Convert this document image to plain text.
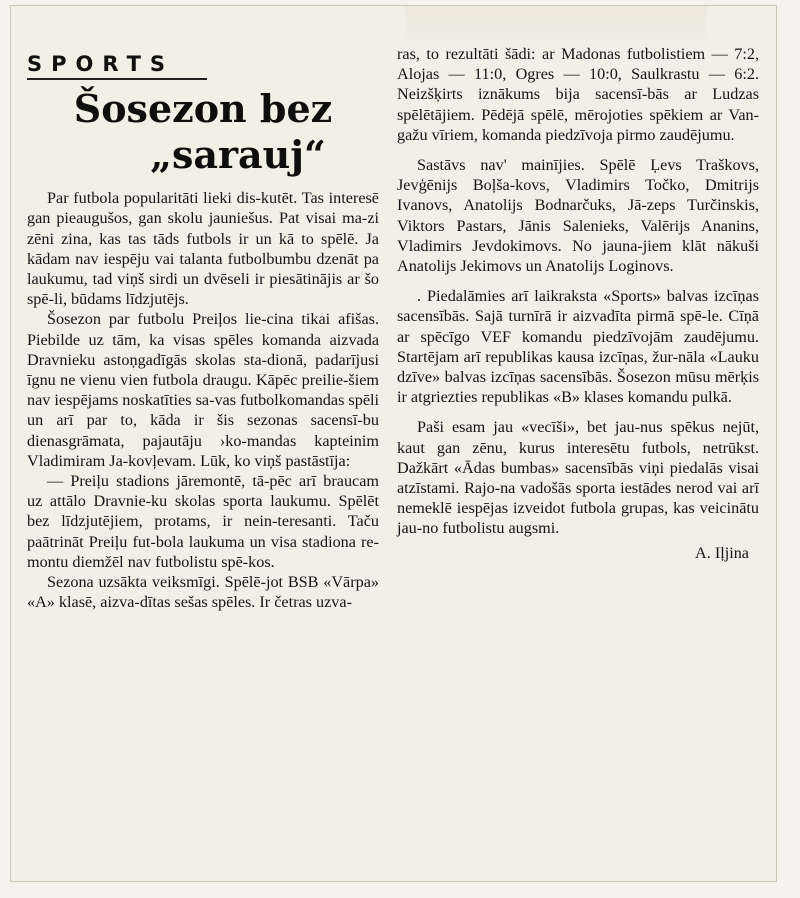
SPORTS
Šosezon bez
„sarauj“

Par futbola popularitāti lieki dis-kutēt. Tas interesē gan pieaugušos, gan skolu jauniešus. Pat visai ma-zi zēni zina, kas tas tāds futbols ir un kā to spēlē. Ja kādam nav iespēju vai talanta futbolbumbu dzenāt pa laukumu, tad viņš sirdi un dvēseli ir piesātinājis ar šo spē-li, būdams līdzjutējs.

Šosezon par futbolu Preiļos lie-cina tikai afišas. Piebilde uz tām, ka visas spēles komanda aizvada Dravnieku astoņgadīgās skolas sta-dionā, padarījusi īgnu ne vienu vien futbola draugu. Kāpēc preilie-šiem nav iespējams noskatīties sa-vas futbolkomandas spēli un arī par to, kāda ir šis sezonas sacensī-bu dienasgrāmata, pajautāju ›ko-mandas kapteinim Vladimiram Ja-kovļevam. Lūk, ko viņš pastāstīja:

— Preiļu stadions jāremontē, tā-pēc arī braucam uz attālo Dravnie-ku skolas sporta laukumu. Spēlēt bez līdzjutējiem, protams, ir nein-teresanti. Taču paātrināt Preiļu fut-bola laukuma un visa stadiona re-montu diemžēl nav futbolistu spē-kos.

Sezona uzsākta veiksmīgi. Spēlē-jot BSB «Vārpa» «A» klasē, aizva-dītas sešas spēles. Ir četras uzva-

ras, to rezultāti šādi: ar Madonas futbolistiem — 7:2, Alojas — 11:0, Ogres — 10:0, Saulkrastu — 6:2. Neizšķirts iznākums bija sacensī-bās ar Ludzas spēlētājiem. Pēdējā spēlē, mērojoties spēkiem ar Van-gažu vīriem, komanda piedzīvoja pirmo zaudējumu.

Sastāvs nav' mainījies. Spēlē Ļevs Traškovs, Jevģēnijs Boļša-kovs, Vladimirs Točko, Dmitrijs Ivanovs, Anatolijs Bodnarčuks, Jā-zeps Turčinskis, Viktors Pastars, Jānis Salenieks, Valērijs Ananins, Vladimirs Jevdokimovs. No jauna-jiem klāt nākuši Anatolijs Jekimovs un Anatolijs Loginovs.

. Piedalāmies arī laikraksta «Sports» balvas izcīņas sacensībās. Sajā turnīrā ir aizvadīta pirmā spē-le. Cīņā ar spēcīgo VEF komandu piedzīvojām zaudējumu. Startējam arī republikas kausa izcīņas, žur-nāla «Lauku dzīve» balvas izcīņas sacensībās. Šosezon mūsu mērķis ir atgriezties republikas «B» klases komandu pulkā.

Paši esam jau «vecīši», bet jau-nus spēkus nejūt, kaut gan zēnu, kurus interesētu futbols, netrūkst. Dažkārt «Ādas bumbas» sacensībās viņi piedalās visai atzīstami. Rajo-na vadošās sporta iestādes nerod vai arī nemeklē iespējas izveidot futbola grupas, kas veicinātu jau-no futbolistu augsmi.

A. Iļjina
